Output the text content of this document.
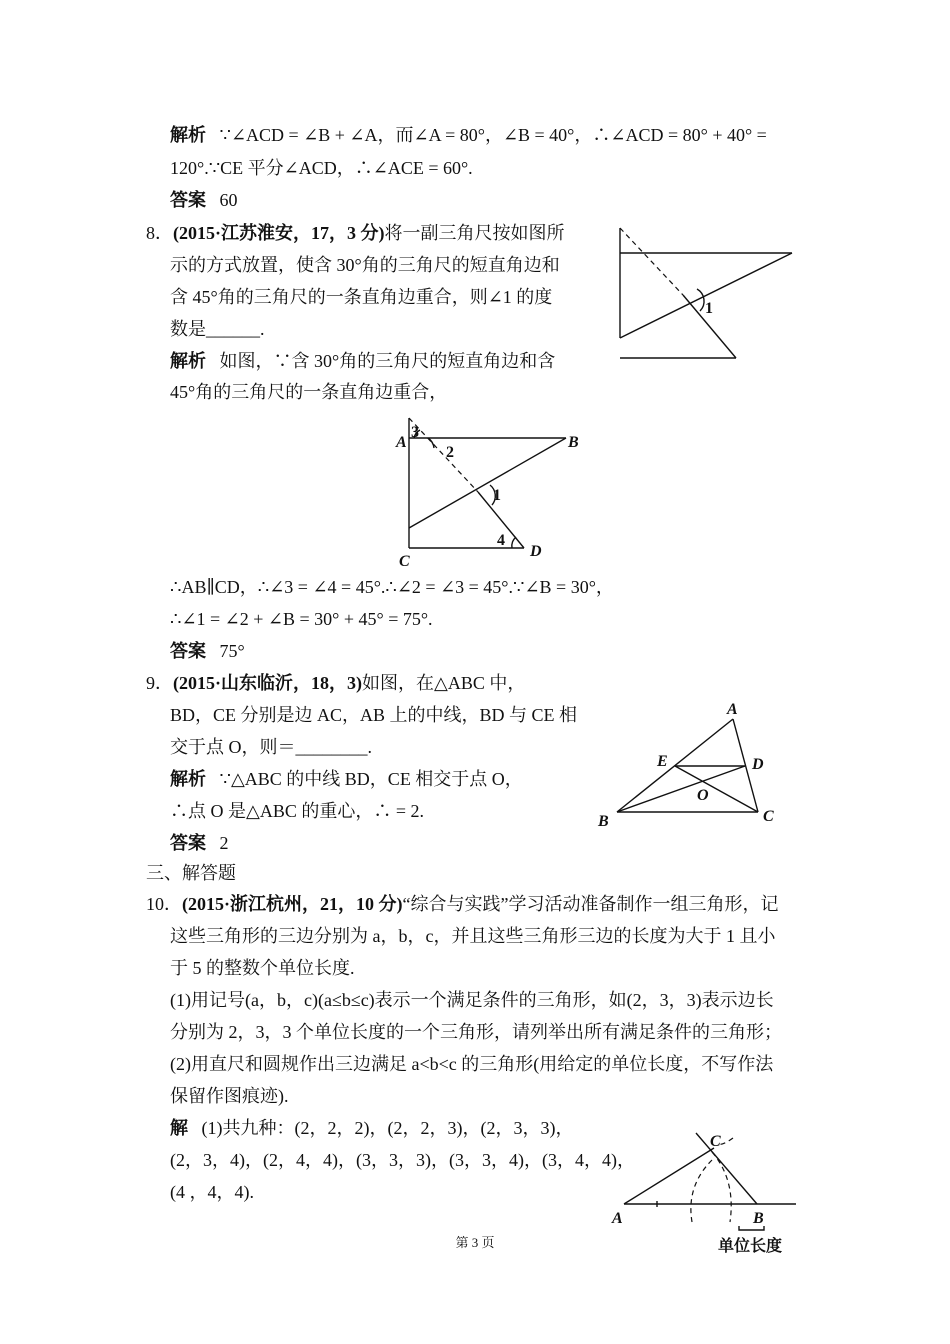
解析 ∵∠ACD = ∠B + ∠A，而∠A = 80°，∠B = 40°，∴∠ACD = 80° + 40° =
120°.∵CE 平分∠ACD，∴∠ACE = 60°.
答案 60
8．(2015·江苏淮安，17，3 分)将一副三角尺按如图所
示的方式放置，使含 30°角的三角尺的短直角边和
含 45°角的三角尺的一条直角边重合，则∠1 的度
数是______.
解析 如图，∵含 30°角的三角尺的短直角边和含
45°角的三角尺的一条直角边重合，
1
A	B
C
D
3
2
1
4
∴AB∥CD，∴∠3 = ∠4 = 45°.∴∠2 = ∠3 = 45°.∵∠B = 30°，
∴∠1 = ∠2 + ∠B = 30° + 45° = 75°.
答案 75°
9．(2015·山东临沂，18，3)如图，在△ABC 中，
BD，CE 分别是边 AC，AB 上的中线，BD 与 CE 相
交于点 O，则＝________.
解析 ∵△ABC 的中线 BD，CE 相交于点 O，
∴点 O 是△ABC 的重心，∴ = 2.
答案 2
A
B	C
D
E
O
三、解答题
10．(2015·浙江杭州，21，10 分)“综合与实践”学习活动准备制作一组三角形，记
这些三角形的三边分别为 a，b，c，并且这些三角形三边的长度为大于 1 且小
于 5 的整数个单位长度.
(1)用记号(a，b，c)(a≤b≤c)表示一个满足条件的三角形，如(2，3，3)表示边长
分别为 2，3，3 个单位长度的一个三角形，请列举出所有满足条件的三角形；
(2)用直尺和圆规作出三边满足 a<b<c 的三角形(用给定的单位长度，不写作法
保留作图痕迹).
解 (1)共九种：(2，2，2)，(2，2，3)，(2，3，3)，
(2，3，4)，(2，4，4)，(3，3，3)，(3，3，4)，(3，4，4)，
(4 ，4，4).
A	B
C
单位长度
第 3 页
